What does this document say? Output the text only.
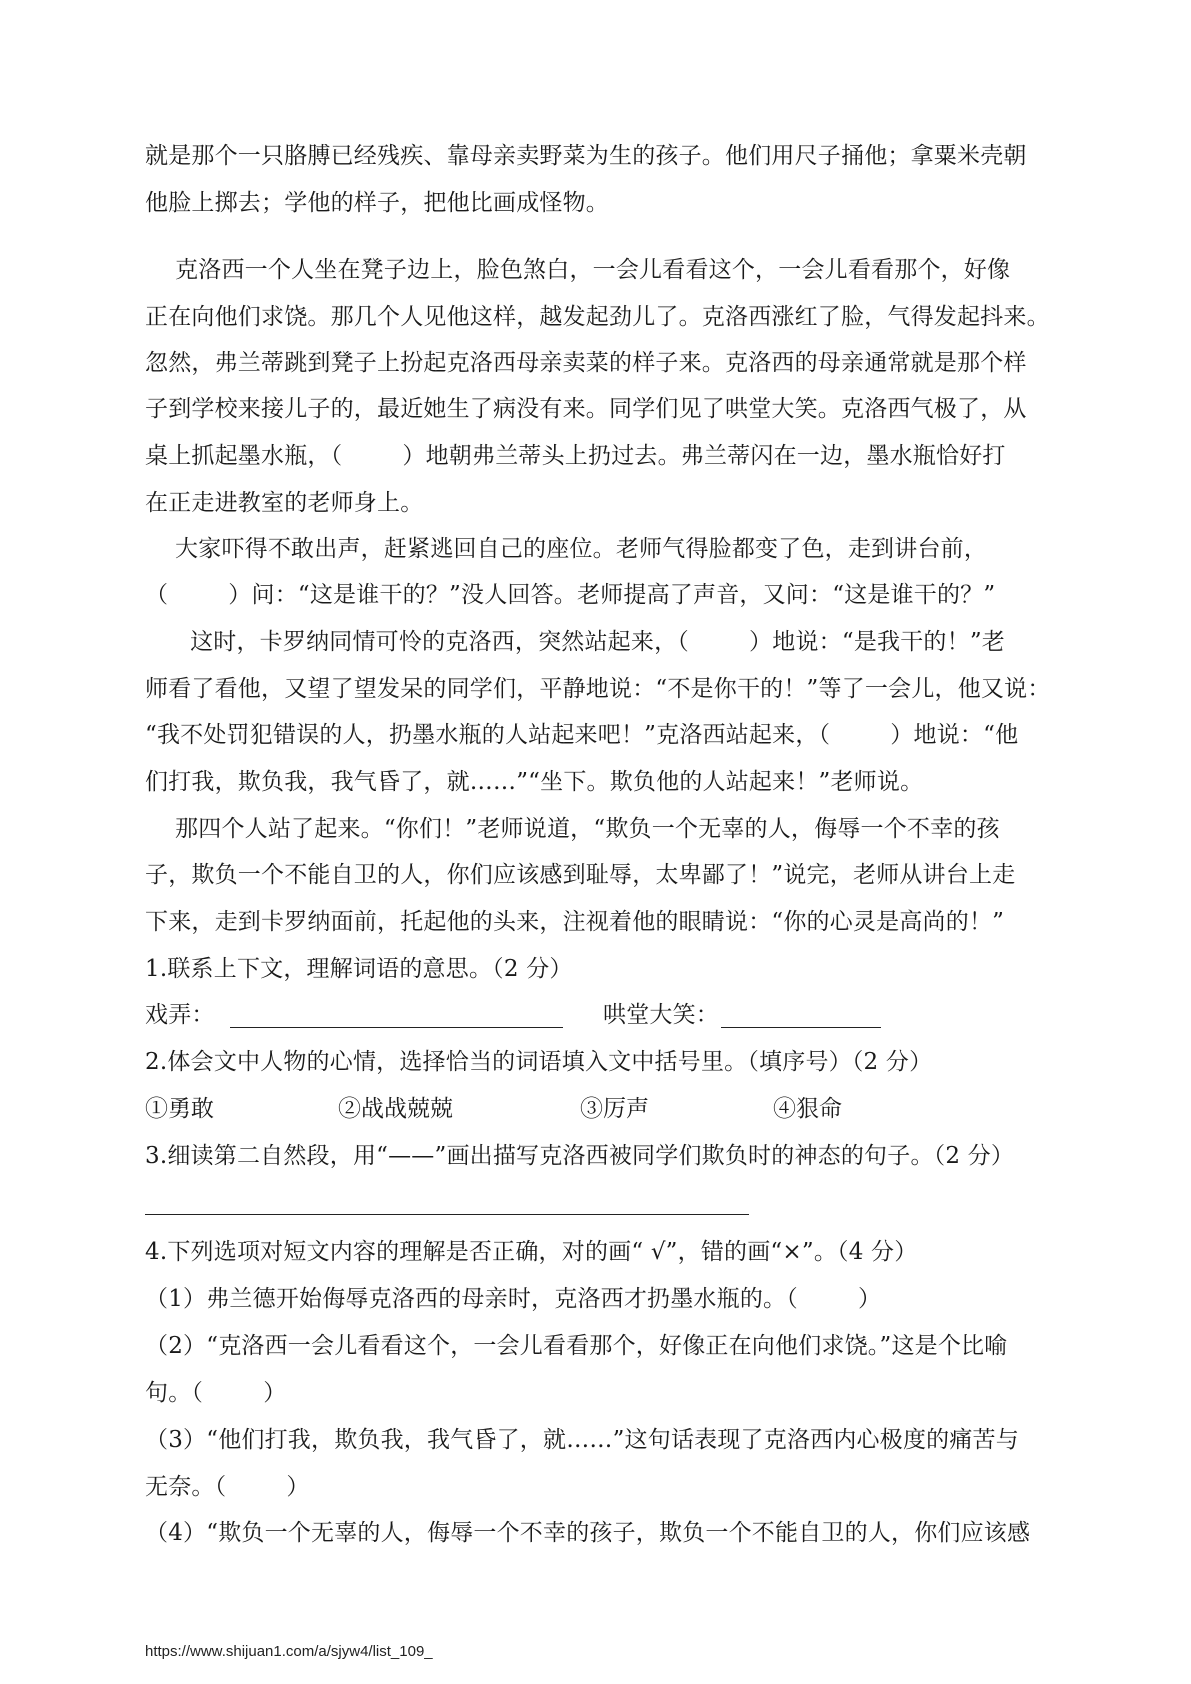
就是那个一只胳膊已经残疾、靠母亲卖野菜为生的孩子。他们用尺子捅他；拿粟米壳朝
他脸上掷去；学他的样子，把他比画成怪物。
克洛西一个人坐在凳子边上，脸色煞白，一会儿看看这个，一会儿看看那个，好像
正在向他们求饶。那几个人见他这样，越发起劲儿了。克洛西涨红了脸，气得发起抖来。
忽然，弗兰蒂跳到凳子上扮起克洛西母亲卖菜的样子来。克洛西的母亲通常就是那个样
子到学校来接儿子的，最近她生了病没有来。同学们见了哄堂大笑。克洛西气极了，从
桌上抓起墨水瓶，（        ）地朝弗兰蒂头上扔过去。弗兰蒂闪在一边，墨水瓶恰好打
在正走进教室的老师身上。
大家吓得不敢出声，赶紧逃回自己的座位。老师气得脸都变了色，走到讲台前，
（        ）问：“这是谁干的？”没人回答。老师提高了声音，又问：“这是谁干的？”
这时，卡罗纳同情可怜的克洛西，突然站起来，（        ）地说：“是我干的！”老
师看了看他，又望了望发呆的同学们，平静地说：“不是你干的！”等了一会儿，他又说：
“我不处罚犯错误的人，扔墨水瓶的人站起来吧！”克洛西站起来，（        ）地说：“他
们打我，欺负我，我气昏了，就……”“坐下。欺负他的人站起来！”老师说。
那四个人站了起来。“你们！”老师说道，“欺负一个无辜的人，侮辱一个不幸的孩
子，欺负一个不能自卫的人，你们应该感到耻辱，太卑鄙了！”说完，老师从讲台上走
下来，走到卡罗纳面前，托起他的头来，注视着他的眼睛说：“你的心灵是高尚的！”
1.联系上下文，理解词语的意思。（2 分）
戏弄：	哄堂大笑：
2.体会文中人物的心情，选择恰当的词语填入文中括号里。（填序号）（2 分）
①勇敢	②战战兢兢	③厉声	④狠命
3.细读第二自然段，用“——”画出描写克洛西被同学们欺负时的神态的句子。（2 分）
4.下列选项对短文内容的理解是否正确，对的画“ √”，错的画“×”。（4 分）
（1）弗兰德开始侮辱克洛西的母亲时，克洛西才扔墨水瓶的。（        ）
（2）“克洛西一会儿看看这个，一会儿看看那个，好像正在向他们求饶。”这是个比喻
句。（        ）
（3）“他们打我，欺负我，我气昏了，就……”这句话表现了克洛西内心极度的痛苦与
无奈。（        ）
（4）“欺负一个无辜的人，侮辱一个不幸的孩子，欺负一个不能自卫的人，你们应该感
https://www.shijuan1.com/a/sjyw4/list_109_
